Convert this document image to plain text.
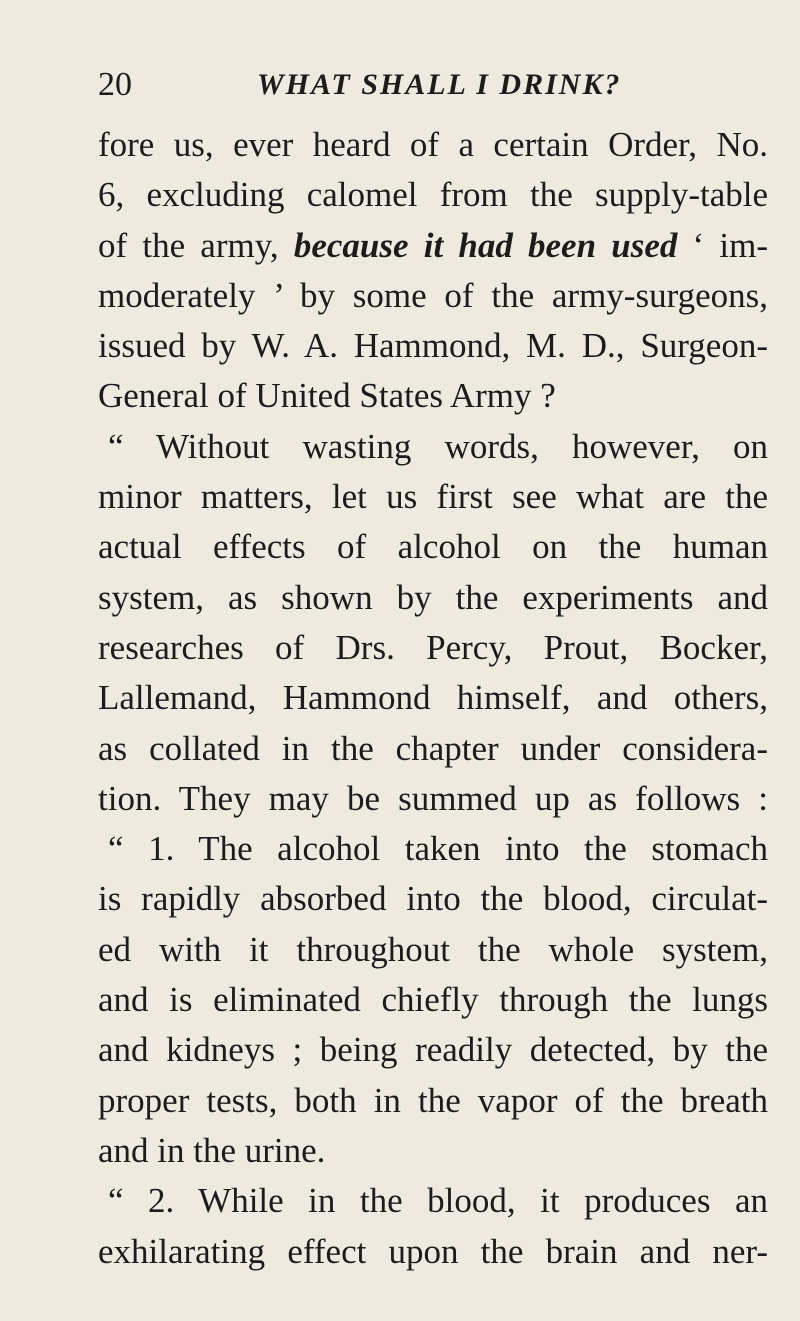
20	WHAT SHALL I DRINK?
fore us, ever heard of a certain Order, No.
6, excluding calomel from the supply-table
of the army, because it had been used ‘ im-
moderately ’ by some of the army-surgeons,
issued by W. A. Hammond, M. D., Surgeon-
General of United States Army ?
“ Without wasting words, however, on
minor matters, let us first see what are the
actual effects of alcohol on the human
system, as shown by the experiments and
researches of Drs. Percy, Prout, Bocker,
Lallemand, Hammond himself, and others,
as collated in the chapter under considera-
tion. They may be summed up as follows :
“ 1. The alcohol taken into the stomach
is rapidly absorbed into the blood, circulat-
ed with it throughout the whole system,
and is eliminated chiefly through the lungs
and kidneys ; being readily detected, by the
proper tests, both in the vapor of the breath
and in the urine.
“ 2. While in the blood, it produces an
exhilarating effect upon the brain and ner-
